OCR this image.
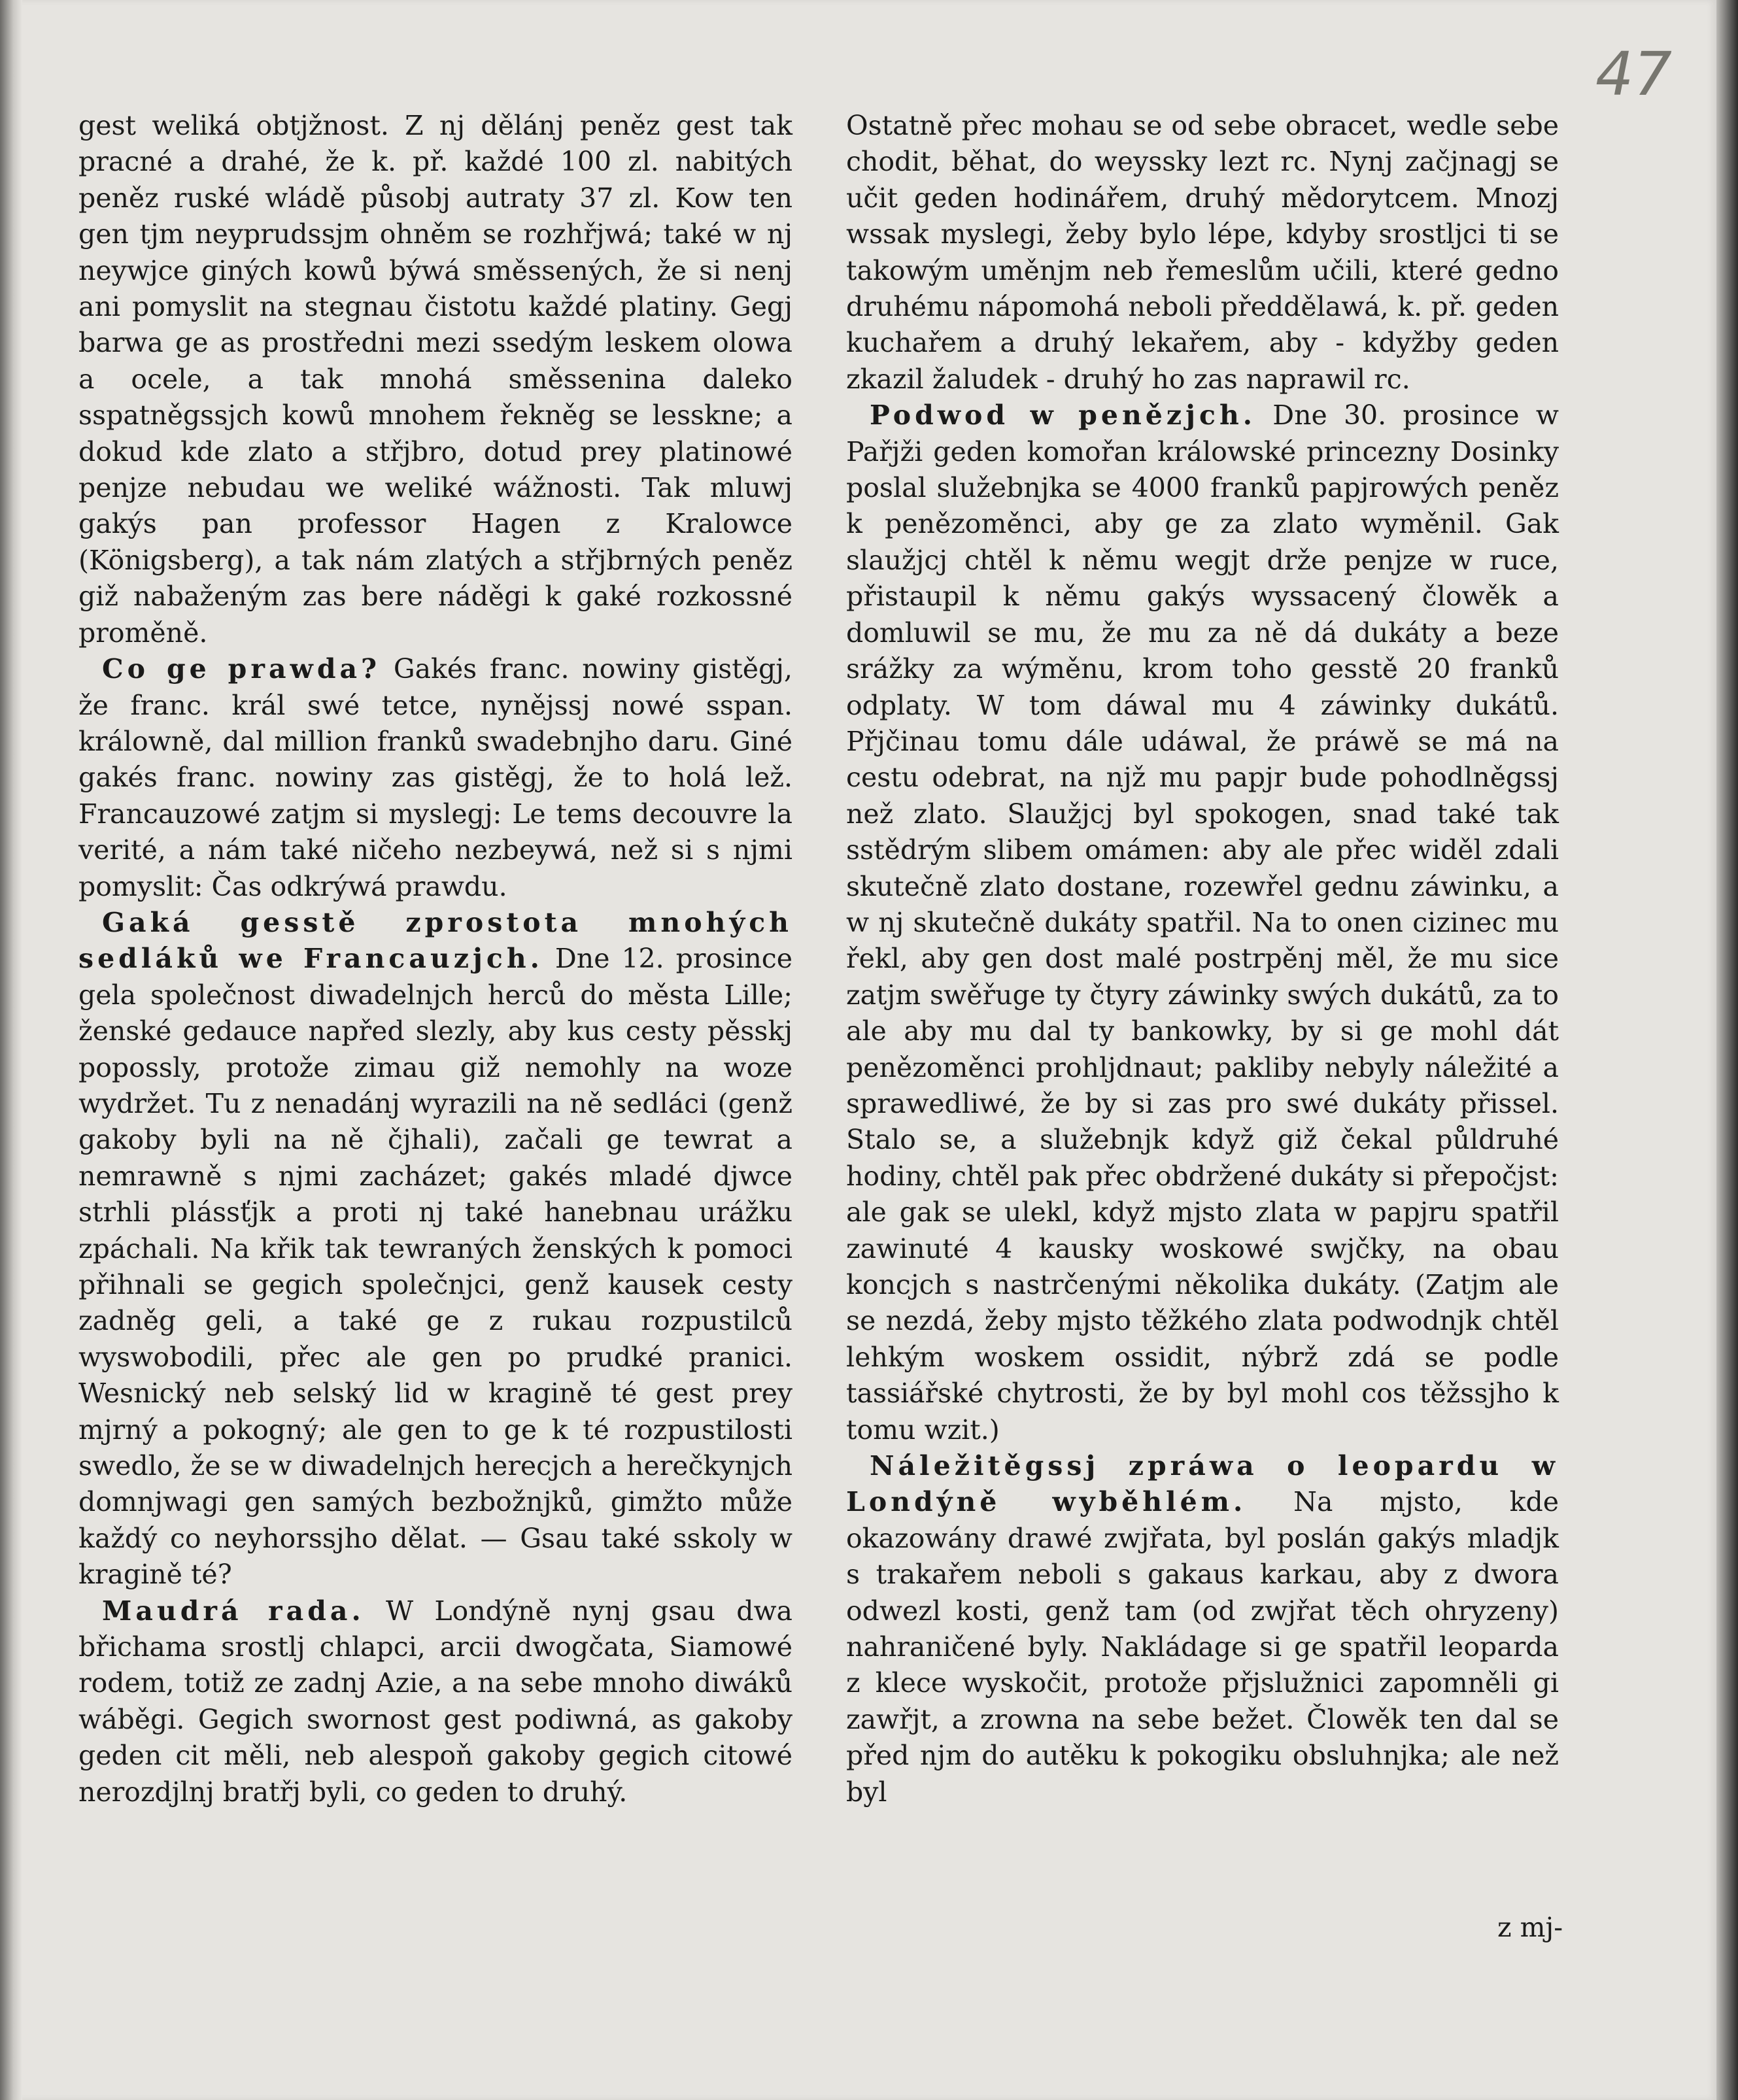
47

gest weliká obtjžnost. Z nj dělánj peněz gest tak pracné a drahé, že k. př. každé 100 zl. nabitých peněz ruské wládě působj autraty 37 zl. Kow ten gen tjm neyprudssjm ohněm se rozhřjwá; také w nj neywjce giných kowů býwá směssených, že si nenj ani pomyslit na stegnau čistotu každé platiny. Gegj barwa ge as prostředni mezi ssedým leskem olowa a ocele, a tak mnohá směssenina daleko sspatněgssjch kowů mnohem řekněg se lesskne; a dokud kde zlato a střjbro, dotud prey platinowé penjze nebudau we weliké wážnosti. Tak mluwj gakýs pan professor Hagen z Kralowce (Königsberg), a tak nám zlatých a střjbrných peněz giž nabaženým zas bere náděgi k gaké rozkossné proměně.

Co ge prawda? Gakés franc. nowiny gistěgj, že franc. král swé tetce, nynějssj nowé sspan. králowně, dal million franků swadebnjho daru. Giné gakés franc. nowiny zas gistěgj, že to holá lež. Francauzowé zatjm si myslegj: Le tems decouvre la verité, a nám také ničeho nezbeywá, než si s njmi pomyslit: Čas odkrýwá prawdu.

Gaká gesstě zprostota mnohých sedláků we Francauzjch. Dne 12. prosince gela společnost diwadelnjch herců do města Lille; ženské gedauce napřed slezly, aby kus cesty pěsskj popossly, protože zimau giž nemohly na woze wydržet. Tu z nenadánj wyrazili na ně sedláci (genž gakoby byli na ně čjhali), začali ge tewrat a nemrawně s njmi zacházet; gakés mladé djwce strhli plássťjk a proti nj také hanebnau urážku zpáchali. Na křik tak tewraných ženských k pomoci přihnali se gegich společnjci, genž kausek cesty zadněg geli, a také ge z rukau rozpustilců wyswobodili, přec ale gen po prudké pranici. Wesnický neb selský lid w kragině té gest prey mjrný a pokogný; ale gen to ge k té rozpustilosti swedlo, že se w diwadelnjch herecjch a herečkynjch domnjwagi gen samých bezbožnjků, gimžto může každý co neyhorssjho dělat. — Gsau také sskoly w kragině té?

Maudrá rada. W Londýně nynj gsau dwa břichama srostlj chlapci, arcii dwogčata, Siamowé rodem, totiž ze zadnj Azie, a na sebe mnoho diwáků wáběgi. Gegich swornost gest podiwná, as gakoby geden cit měli, neb alespoň gakoby gegich citowé nerozdjlnj bratřj byli, co geden to druhý.

Ostatně přec mohau se od sebe obracet, wedle sebe chodit, běhat, do weyssky lezt rc. Nynj začjnagj se učit geden hodinářem, druhý mědorytcem. Mnozj wssak myslegi, žeby bylo lépe, kdyby srostljci ti se takowým uměnjm neb řemeslům učili, které gedno druhému nápomohá neboli předdělawá, k. př. geden kuchařem a druhý lekařem, aby - kdyžby geden zkazil žaludek - druhý ho zas naprawil rc.

Podwod w penězjch. Dne 30. prosince w Pařjži geden komořan králowské princezny Dosinky poslal služebnjka se 4000 franků papjrowých peněz k penězoměnci, aby ge za zlato wyměnil. Gak slaužjcj chtěl k němu wegjt drže penjze w ruce, přistaupil k němu gakýs wyssacený člowěk a domluwil se mu, že mu za ně dá dukáty a beze srážky za wýměnu, krom toho gesstě 20 franků odplaty. W tom dáwal mu 4 záwinky dukátů. Přjčinau tomu dále udáwal, že práwě se má na cestu odebrat, na njž mu papjr bude pohodlněgssj než zlato. Slaužjcj byl spokogen, snad také tak sstědrým slibem omámen: aby ale přec widěl zdali skutečně zlato dostane, rozewřel gednu záwinku, a w nj skutečně dukáty spatřil. Na to onen cizinec mu řekl, aby gen dost malé postrpěnj měl, že mu sice zatjm swěřuge ty čtyry záwinky swých dukátů, za to ale aby mu dal ty bankowky, by si ge mohl dát penězoměnci prohljdnaut; pakliby nebyly náležité a sprawedliwé, že by si zas pro swé dukáty přissel. Stalo se, a služebnjk když giž čekal půldruhé hodiny, chtěl pak přec obdržené dukáty si přepočjst: ale gak se ulekl, když mjsto zlata w papjru spatřil zawinuté 4 kausky woskowé swjčky, na obau koncjch s nastrčenými několika dukáty. (Zatjm ale se nezdá, žeby mjsto těžkého zlata podwodnjk chtěl lehkým woskem ossidit, nýbrž zdá se podle tassiářské chytrosti, že by byl mohl cos těžssjho k tomu wzit.)

Náležitěgssj zpráwa o leopardu w Londýně wyběhlém. Na mjsto, kde okazowány drawé zwjřata, byl poslán gakýs mladjk s trakařem neboli s gakaus karkau, aby z dwora odwezl kosti, genž tam (od zwjřat těch ohryzeny) nahraničené byly. Nakládage si ge spatřil leoparda z klece wyskočit, protože přjslužnici zapomněli gi zawřjt, a zrowna na sebe bežet. Člowěk ten dal se před njm do autěku k pokogiku obsluhnjka; ale než byl

z mj-
